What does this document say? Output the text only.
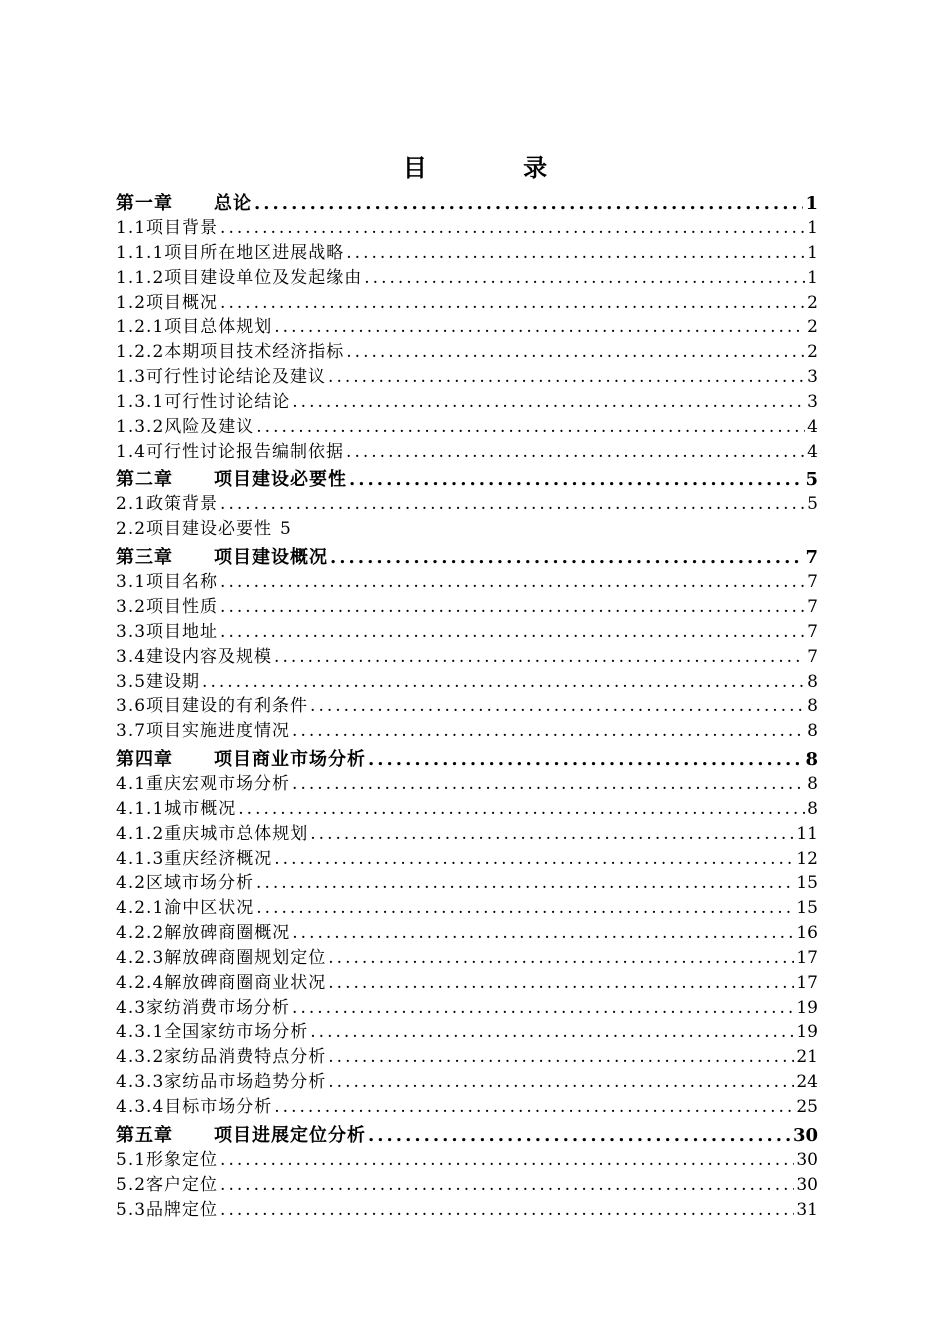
目 录
第一章 总论 .....	1
1.1项目背景 .....	1
1.1.1项目所在地区进展战略 .....	1
1.1.2项目建设单位及发起缘由 .....	1
1.2项目概况 .....	2
1.2.1项目总体规划 .....	2
1.2.2本期项目技术经济指标 .....	2
1.3可行性讨论结论及建议 .....	3
1.3.1可行性讨论结论 .....	3
1.3.2风险及建议 .....	4
1.4可行性讨论报告编制依据 .....	4
第二章 项目建设必要性 .....	5
2.1政策背景 .....	5
2.2项目建设必要性 5
第三章 项目建设概况 .....	7
3.1项目名称 .....	7
3.2项目性质 .....	7
3.3项目地址 .....	7
3.4建设内容及规模 .....	7
3.5建设期 .....	8
3.6项目建设的有利条件 .....	8
3.7项目实施进度情况 .....	8
第四章 项目商业市场分析 .....	8
4.1重庆宏观市场分析 .....	8
4.1.1城市概况 .....	8
4.1.2重庆城市总体规划 .....	11
4.1.3重庆经济概况 .....	12
4.2区域市场分析 .....	15
4.2.1渝中区状况 .....	15
4.2.2解放碑商圈概况 .....	16
4.2.3解放碑商圈规划定位 .....	17
4.2.4解放碑商圈商业状况 .....	17
4.3家纺消费市场分析 .....	19
4.3.1全国家纺市场分析 .....	19
4.3.2家纺品消费特点分析 .....	21
4.3.3家纺品市场趋势分析 .....	24
4.3.4目标市场分析 .....	25
第五章 项目进展定位分析 .....	30
5.1形象定位 .....	30
5.2客户定位 .....	30
5.3品牌定位 .....	31
